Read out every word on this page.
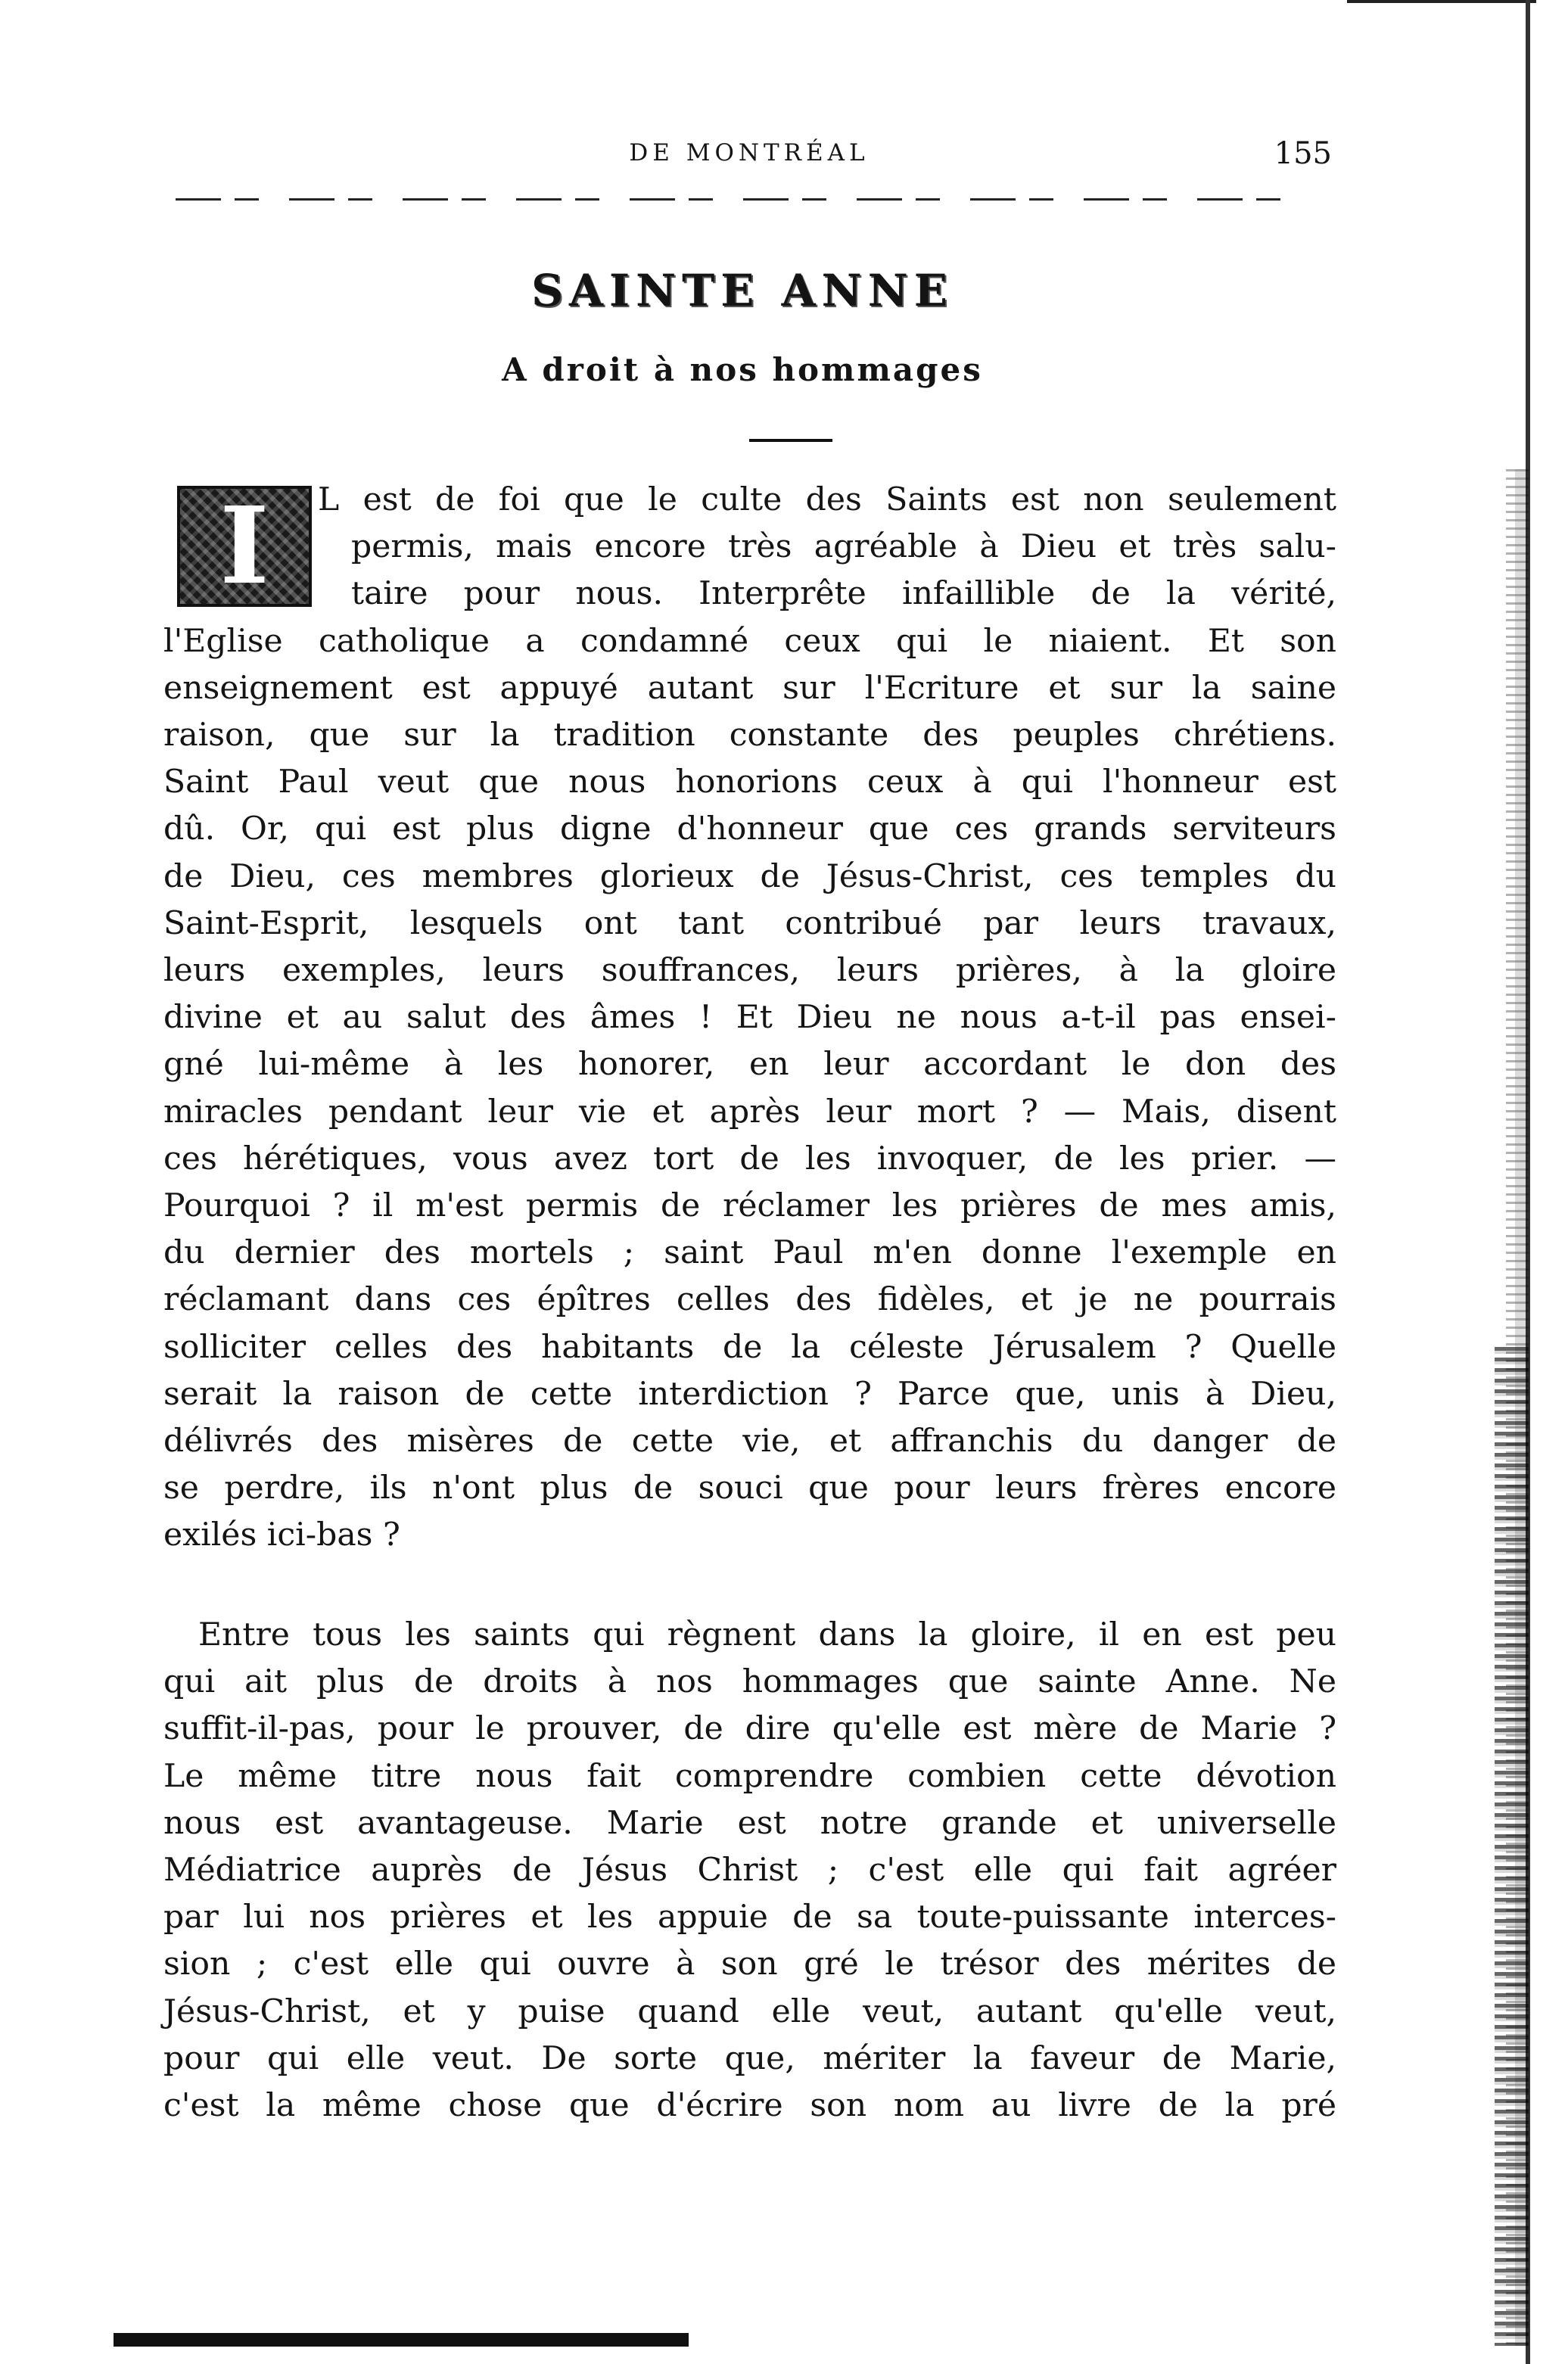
DE MONTRÉAL	155
SAINTE ANNE
A droit à nos hommages
I	L est de foi que le culte des Saints est non seulement
permis, mais encore très agréable à Dieu et très salu-
taire pour nous. Interprête infaillible de la vérité,
l'Eglise catholique a condamné ceux qui le niaient. Et son
enseignement est appuyé autant sur l'Ecriture et sur la saine
raison, que sur la tradition constante des peuples chrétiens.
Saint Paul veut que nous honorions ceux à qui l'honneur est
dû. Or, qui est plus digne d'honneur que ces grands serviteurs
de Dieu, ces membres glorieux de Jésus-Christ, ces temples du
Saint-Esprit, lesquels ont tant contribué par leurs travaux,
leurs exemples, leurs souffrances, leurs prières, à la gloire
divine et au salut des âmes ! Et Dieu ne nous a-t-il pas ensei-
gné lui-même à les honorer, en leur accordant le don des
miracles pendant leur vie et après leur mort ? — Mais, disent
ces hérétiques, vous avez tort de les invoquer, de les prier. —
Pourquoi ? il m'est permis de réclamer les prières de mes amis,
du dernier des mortels ; saint Paul m'en donne l'exemple en
réclamant dans ces épîtres celles des fidèles, et je ne pourrais
solliciter celles des habitants de la céleste Jérusalem ? Quelle
serait la raison de cette interdiction ? Parce que, unis à Dieu,
délivrés des misères de cette vie, et affranchis du danger de
se perdre, ils n'ont plus de souci que pour leurs frères encore
exilés ici-bas ?
Entre tous les saints qui règnent dans la gloire, il en est peu
qui ait plus de droits à nos hommages que sainte Anne. Ne
suffit-il-pas, pour le prouver, de dire qu'elle est mère de Marie ?
Le même titre nous fait comprendre combien cette dévotion
nous est avantageuse. Marie est notre grande et universelle
Médiatrice auprès de Jésus Christ ; c'est elle qui fait agréer
par lui nos prières et les appuie de sa toute-puissante interces-
sion ; c'est elle qui ouvre à son gré le trésor des mérites de
Jésus-Christ, et y puise quand elle veut, autant qu'elle veut,
pour qui elle veut. De sorte que, mériter la faveur de Marie,
c'est la même chose que d'écrire son nom au livre de la pré
